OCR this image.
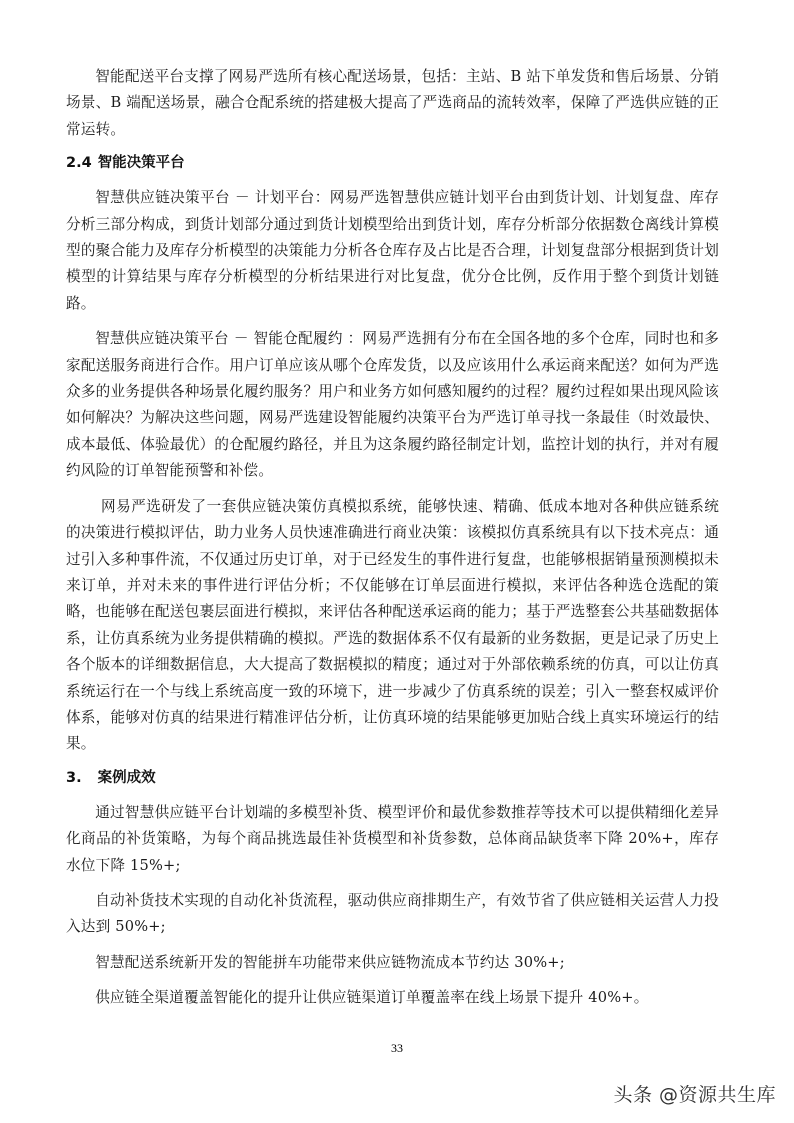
智能配送平台支撑了网易严选所有核心配送场景，包括：主站、B 站下单发货和售后场景、分销场景、B 端配送场景，融合仓配系统的搭建极大提高了严选商品的流转效率，保障了严选供应链的正常运转。

2.4 智能决策平台

智慧供应链决策平台 － 计划平台：网易严选智慧供应链计划平台由到货计划、计划复盘、库存分析三部分构成，到货计划部分通过到货计划模型给出到货计划，库存分析部分依据数仓离线计算模型的聚合能力及库存分析模型的决策能力分析各仓库存及占比是否合理，计划复盘部分根据到货计划模型的计算结果与库存分析模型的分析结果进行对比复盘，优分仓比例，反作用于整个到货计划链路。

智慧供应链决策平台 － 智能仓配履约 ：网易严选拥有分布在全国各地的多个仓库，同时也和多家配送服务商进行合作。用户订单应该从哪个仓库发货，以及应该用什么承运商来配送？如何为严选众多的业务提供各种场景化履约服务？用户和业务方如何感知履约的过程？履约过程如果出现风险该如何解决？为解决这些问题，网易严选建设智能履约决策平台为严选订单寻找一条最佳（时效最快、成本最低、体验最优）的仓配履约路径，并且为这条履约路径制定计划，监控计划的执行，并对有履约风险的订单智能预警和补偿。

网易严选研发了一套供应链决策仿真模拟系统，能够快速、精确、低成本地对各种供应链系统的决策进行模拟评估，助力业务人员快速准确进行商业决策：该模拟仿真系统具有以下技术亮点：通过引入多种事件流，不仅通过历史订单，对于已经发生的事件进行复盘，也能够根据销量预测模拟未来订单，并对未来的事件进行评估分析；不仅能够在订单层面进行模拟，来评估各种选仓选配的策略，也能够在配送包裹层面进行模拟，来评估各种配送承运商的能力；基于严选整套公共基础数据体系，让仿真系统为业务提供精确的模拟。严选的数据体系不仅有最新的业务数据，更是记录了历史上各个版本的详细数据信息，大大提高了数据模拟的精度；通过对于外部依赖系统的仿真，可以让仿真系统运行在一个与线上系统高度一致的环境下，进一步减少了仿真系统的误差；引入一整套权威评价体系，能够对仿真的结果进行精准评估分析，让仿真环境的结果能够更加贴合线上真实环境运行的结果。

3. 案例成效

通过智慧供应链平台计划端的多模型补货、模型评价和最优参数推荐等技术可以提供精细化差异化商品的补货策略，为每个商品挑选最佳补货模型和补货参数，总体商品缺货率下降 20%+，库存水位下降 15%+;

自动补货技术实现的自动化补货流程，驱动供应商排期生产，有效节省了供应链相关运营人力投入达到 50%+;

智慧配送系统新开发的智能拼车功能带来供应链物流成本节约达 30%+;

供应链全渠道覆盖智能化的提升让供应链渠道订单覆盖率在线上场景下提升 40%+。

33
头条 @资源共生库
